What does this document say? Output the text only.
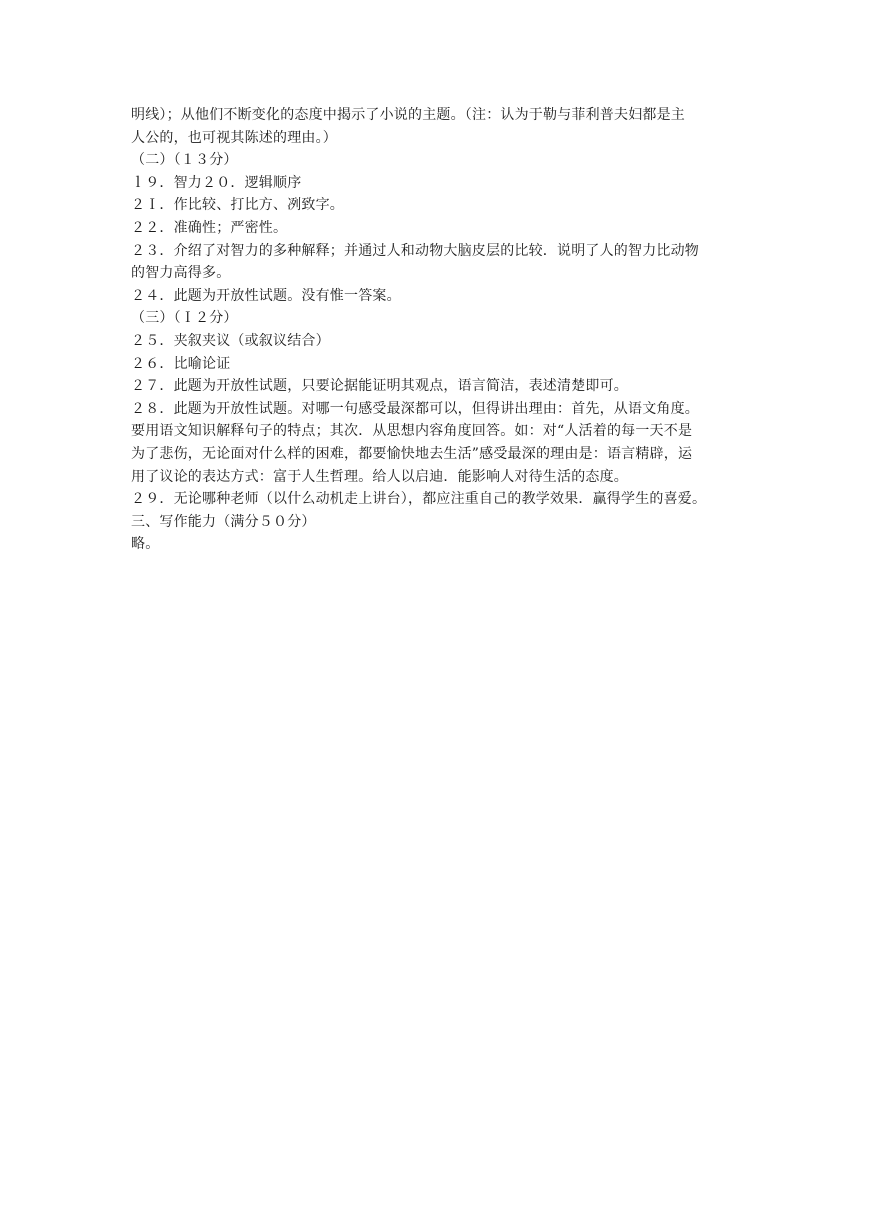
明线）；从他们不断变化的态度中揭示了小说的主题。（注：认为于勒与菲利普夫妇都是主
人公的，也可视其陈述的理由。）
（二）（１３分）
ｌ９．智力２０．逻辑顺序
２Ｉ．作比较、打比方、冽致字。
２２．准确性；严密性。
２３．介绍了对智力的多种解释；并通过人和动物大脑皮层的比较．说明了人的智力比动物
的智力高得多。
２４．此题为开放性试题。没有惟一答案。
（三）（Ｉ２分）
２５．夹叙夹议（或叙议结合）
２６．比喻论证
２７．此题为开放性试题，只要论据能证明其观点，语言简洁，表述清楚即可。
２８．此题为开放性试题。对哪一句感受最深都可以，但得讲出理由：首先，从语文角度。
要用语文知识解释句子的特点；其次．从思想内容角度回答。如：对“人活着的每一天不是
为了悲伤，无论面对什么样的困难，都要愉快地去生活”感受最深的理由是：语言精辟，运
用了议论的表达方式：富于人生哲理。给人以启迪．能影响人对待生活的态度。
２９．无论哪种老师（以什么动机走上讲台），都应注重自己的教学效果．赢得学生的喜爱。
三、写作能力（满分５０分）
略。
